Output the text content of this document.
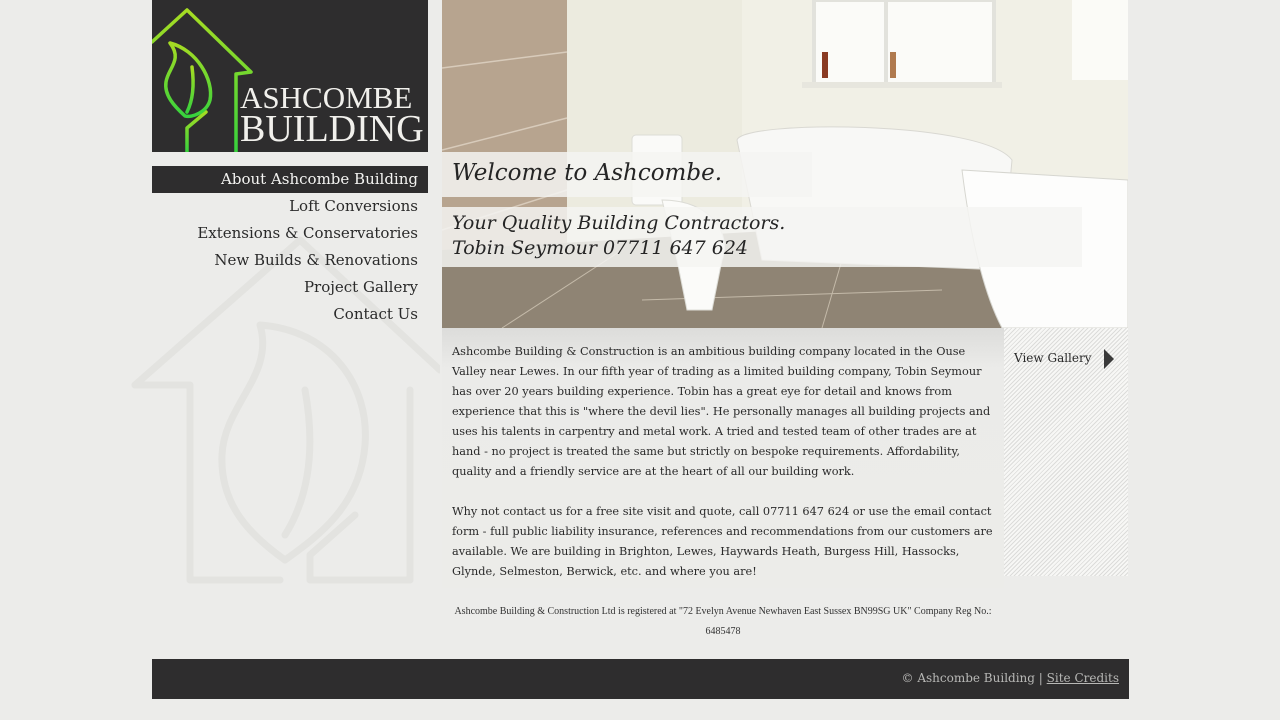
ASHCOMBE
BUILDING
About Ashcombe Building
Loft Conversions
Extensions & Conservatories
New Builds & Renovations
Project Gallery
Contact Us
Welcome to Ashcombe.
Your Quality Building Contractors.
Tobin Seymour 07711 647 624

Ashcombe Building & Construction is an ambitious building company located in the Ouse Valley near Lewes. In our fifth year of trading as a limited building company, Tobin Seymour has over 20 years building experience. Tobin has a great eye for detail and knows from experience that this is "where the devil lies". He personally manages all building projects and uses his talents in carpentry and metal work. A tried and tested team of other trades are at hand - no project is treated the same but strictly on bespoke requirements. Affordability, quality and a friendly service are at the heart of all our building work.

Why not contact us for a free site visit and quote, call 07711 647 624 or use the email contact form - full public liability insurance, references and recommendations from our customers are available. We are building in Brighton, Lewes, Haywards Heath, Burgess Hill, Hassocks, Glynde, Selmeston, Berwick, etc. and where you are!

View Gallery
Ashcombe Building & Construction Ltd is registered at "72 Evelyn Avenue Newhaven East Sussex BN99SG UK" Company Reg No.: 6485478
© Ashcombe Building | Site Credits
